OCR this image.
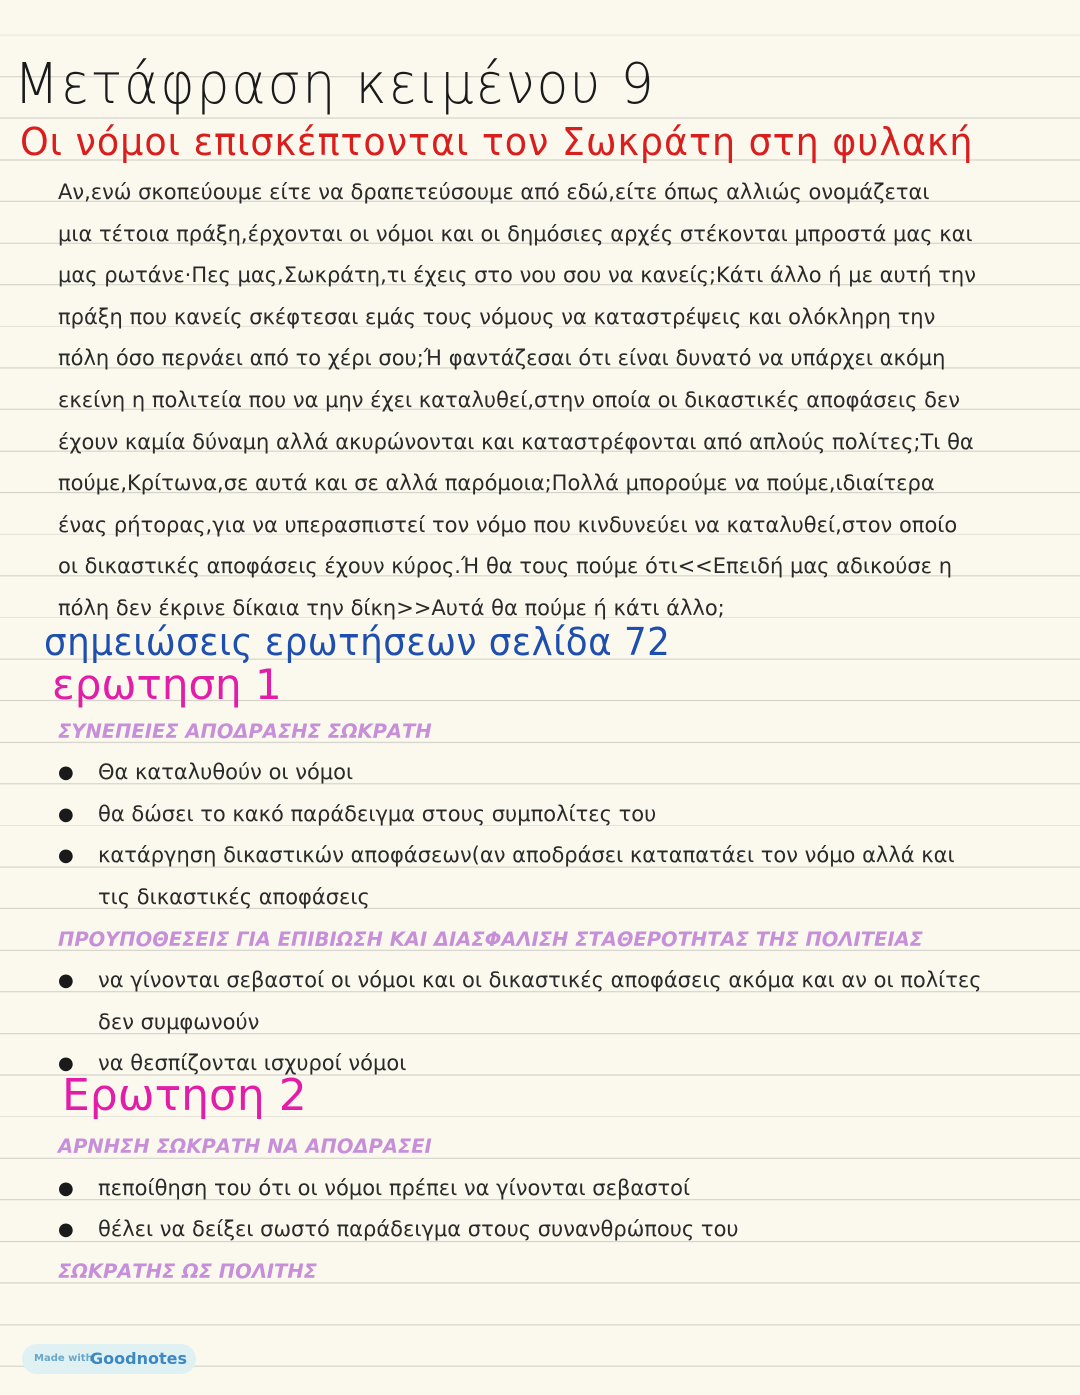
Μετάφραση κειμένου 9
Οι νόμοι επισκέπτονται τον Σωκράτη στη φυλακή
Αν,ενώ σκοπεύουμε είτε να δραπετεύσουμε από εδώ,είτε όπως αλλιώς ονομάζεται
μια τέτοια πράξη,έρχονται οι νόμοι και οι δημόσιες αρχές στέκονται μπροστά μας και
μας ρωτάνε·Πες μας,Σωκράτη,τι έχεις στο νου σου να κανείς;Κάτι άλλο ή με αυτή την
πράξη που κανείς σκέφτεσαι εμάς τους νόμους να καταστρέψεις και ολόκληρη την
πόλη όσο περνάει από το χέρι σου;Ή φαντάζεσαι ότι είναι δυνατό να υπάρχει ακόμη
εκείνη η πολιτεία που να μην έχει καταλυθεί,στην οποία οι δικαστικές αποφάσεις δεν
έχουν καμία δύναμη αλλά ακυρώνονται και καταστρέφονται από απλούς πολίτες;Τι θα
πούμε,Κρίτωνα,σε αυτά και σε αλλά παρόμοια;Πολλά μπορούμε να πούμε,ιδιαίτερα
ένας ρήτορας,για να υπερασπιστεί τον νόμο που κινδυνεύει να καταλυθεί,στον οποίο
οι δικαστικές αποφάσεις έχουν κύρος.Ή θα τους πούμε ότι<<Επειδή μας αδικούσε η
πόλη δεν έκρινε δίκαια την δίκη>>Αυτά θα πούμε ή κάτι άλλο;
σημειώσεις ερωτήσεων σελίδα 72
ερωτηση 1
ΣΥΝΕΠΕΙΕΣ ΑΠΟΔΡΑΣΗΣ ΣΩΚΡΑΤΗ
● Θα καταλυθούν οι νόμοι
● θα δώσει το κακό παράδειγμα στους συμπολίτες του
● κατάργηση δικαστικών αποφάσεων(αν αποδράσει καταπατάει τον νόμο αλλά και
τις δικαστικές αποφάσεις
ΠΡΟΥΠΟΘΕΣΕΙΣ ΓΙΑ ΕΠΙΒΙΩΣΗ ΚΑΙ ΔΙΑΣΦΑΛΙΣΗ ΣΤΑΘΕΡΟΤΗΤΑΣ ΤΗΣ ΠΟΛΙΤΕΙΑΣ
● να γίνονται σεβαστοί οι νόμοι και οι δικαστικές αποφάσεις ακόμα και αν οι πολίτες
δεν συμφωνούν
● να θεσπίζονται ισχυροί νόμοι
Ερωτηση 2
ΑΡΝΗΣΗ ΣΩΚΡΑΤΗ ΝΑ ΑΠΟΔΡΑΣΕΙ
● πεποίθηση του ότι οι νόμοι πρέπει να γίνονται σεβαστοί
● θέλει να δείξει σωστό παράδειγμα στους συνανθρώπους του
ΣΩΚΡΑΤΗΣ ΩΣ ΠΟΛΙΤΗΣ
Made with
Goodnotes
